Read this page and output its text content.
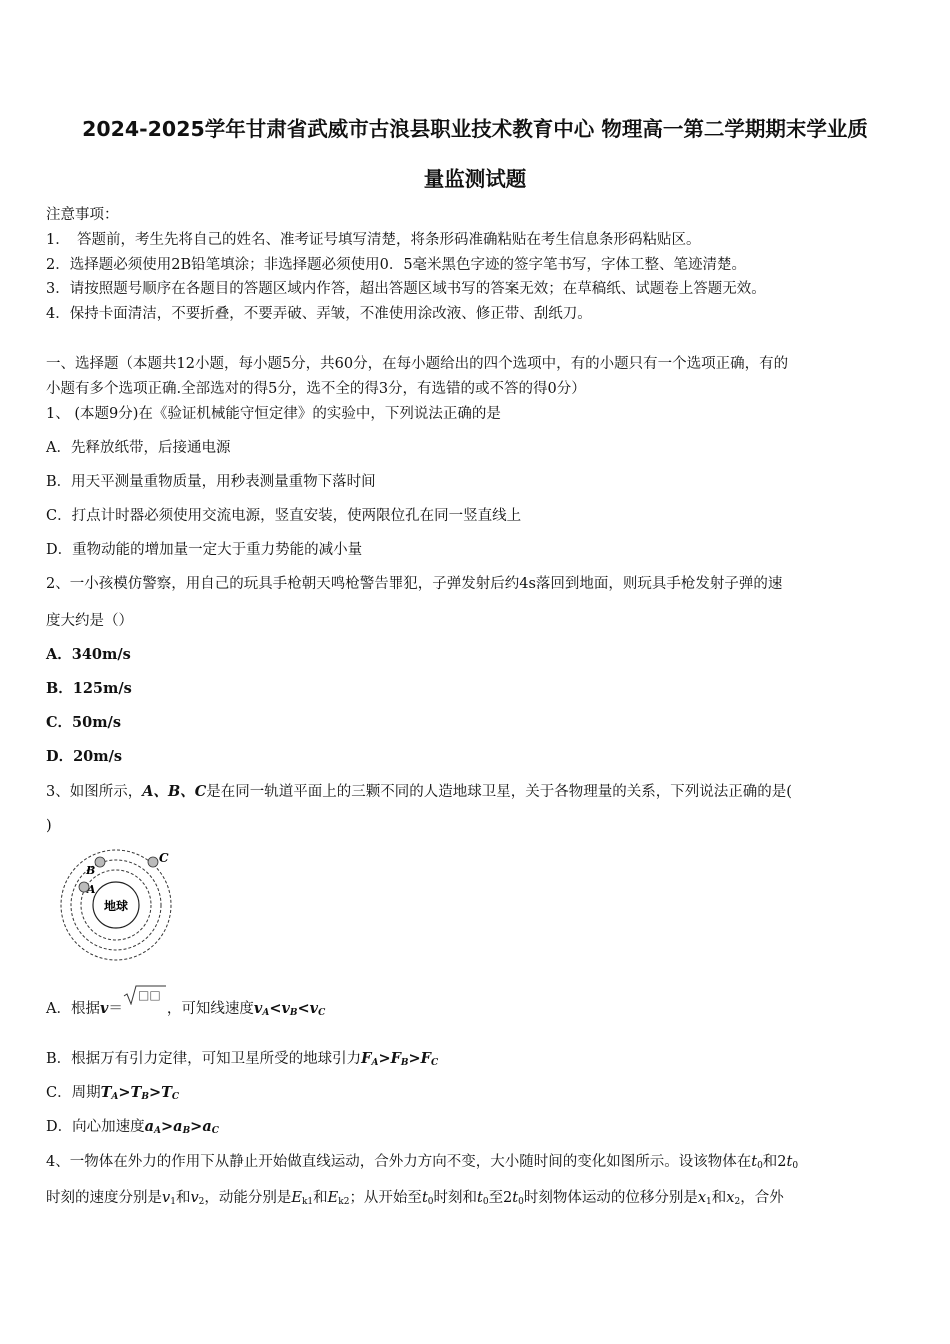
2024-2025学年甘肃省武威市古浪县职业技术教育中心 物理高一第二学期期末学业质
量监测试题
注意事项：
1．　答题前，考生先将自己的姓名、准考证号填写清楚，将条形码准确粘贴在考生信息条形码粘贴区。
2．选择题必须使用2B铅笔填涂；非选择题必须使用0．5毫米黑色字迹的签字笔书写，字体工整、笔迹清楚。
3．请按照题号顺序在各题目的答题区域内作答，超出答题区域书写的答案无效；在草稿纸、试题卷上答题无效。
4．保持卡面清洁，不要折叠，不要弄破、弄皱，不准使用涂改液、修正带、刮纸刀。
一、选择题（本题共12小题，每小题5分，共60分，在每小题给出的四个选项中，有的小题只有一个选项正确，有的
小题有多个选项正确.全部选对的得5分，选不全的得3分，有选错的或不答的得0分）
1、 (本题9分)在《验证机械能守恒定律》的实验中，下列说法正确的是
A．先释放纸带，后接通电源
B．用天平测量重物质量，用秒表测量重物下落时间
C．打点计时器必须使用交流电源，竖直安装，使两限位孔在同一竖直线上
D．重物动能的增加量一定大于重力势能的减小量
2、一小孩模仿警察，用自己的玩具手枪朝天鸣枪警告罪犯，子弹发射后约4s落回到地面，则玩具手枪发射子弹的速
度大约是（）
A．340m/s
B．125m/s
C．50m/s
D．20m/s
3、如图所示，A、B、C是在同一轨道平面上的三颗不同的人造地球卫星，关于各物理量的关系，下列说法正确的是(
)
地球
A
B
C
A．根据v＝
□□
，可知线速度$v_A<v_B<v_C$
B．根据万有引力定律，可知卫星所受的地球引力$F_A>F_B>F_C$
C．周期$T_A>T_B>T_C$
D．向心加速度$a_A>a_B>a_C$
4、一物体在外力的作用下从静止开始做直线运动，合外力方向不变，大小随时间的变化如图所示。设该物体在$t_0$和$2t_0$
时刻的速度分别是$v_1$和$v_2$，动能分别是$E_{k1}$和$E_{k2}$；从开始至$t_0$时刻和$t_0$至$2t_0$时刻物体运动的位移分别是$x_1$和$x_2$，合外
